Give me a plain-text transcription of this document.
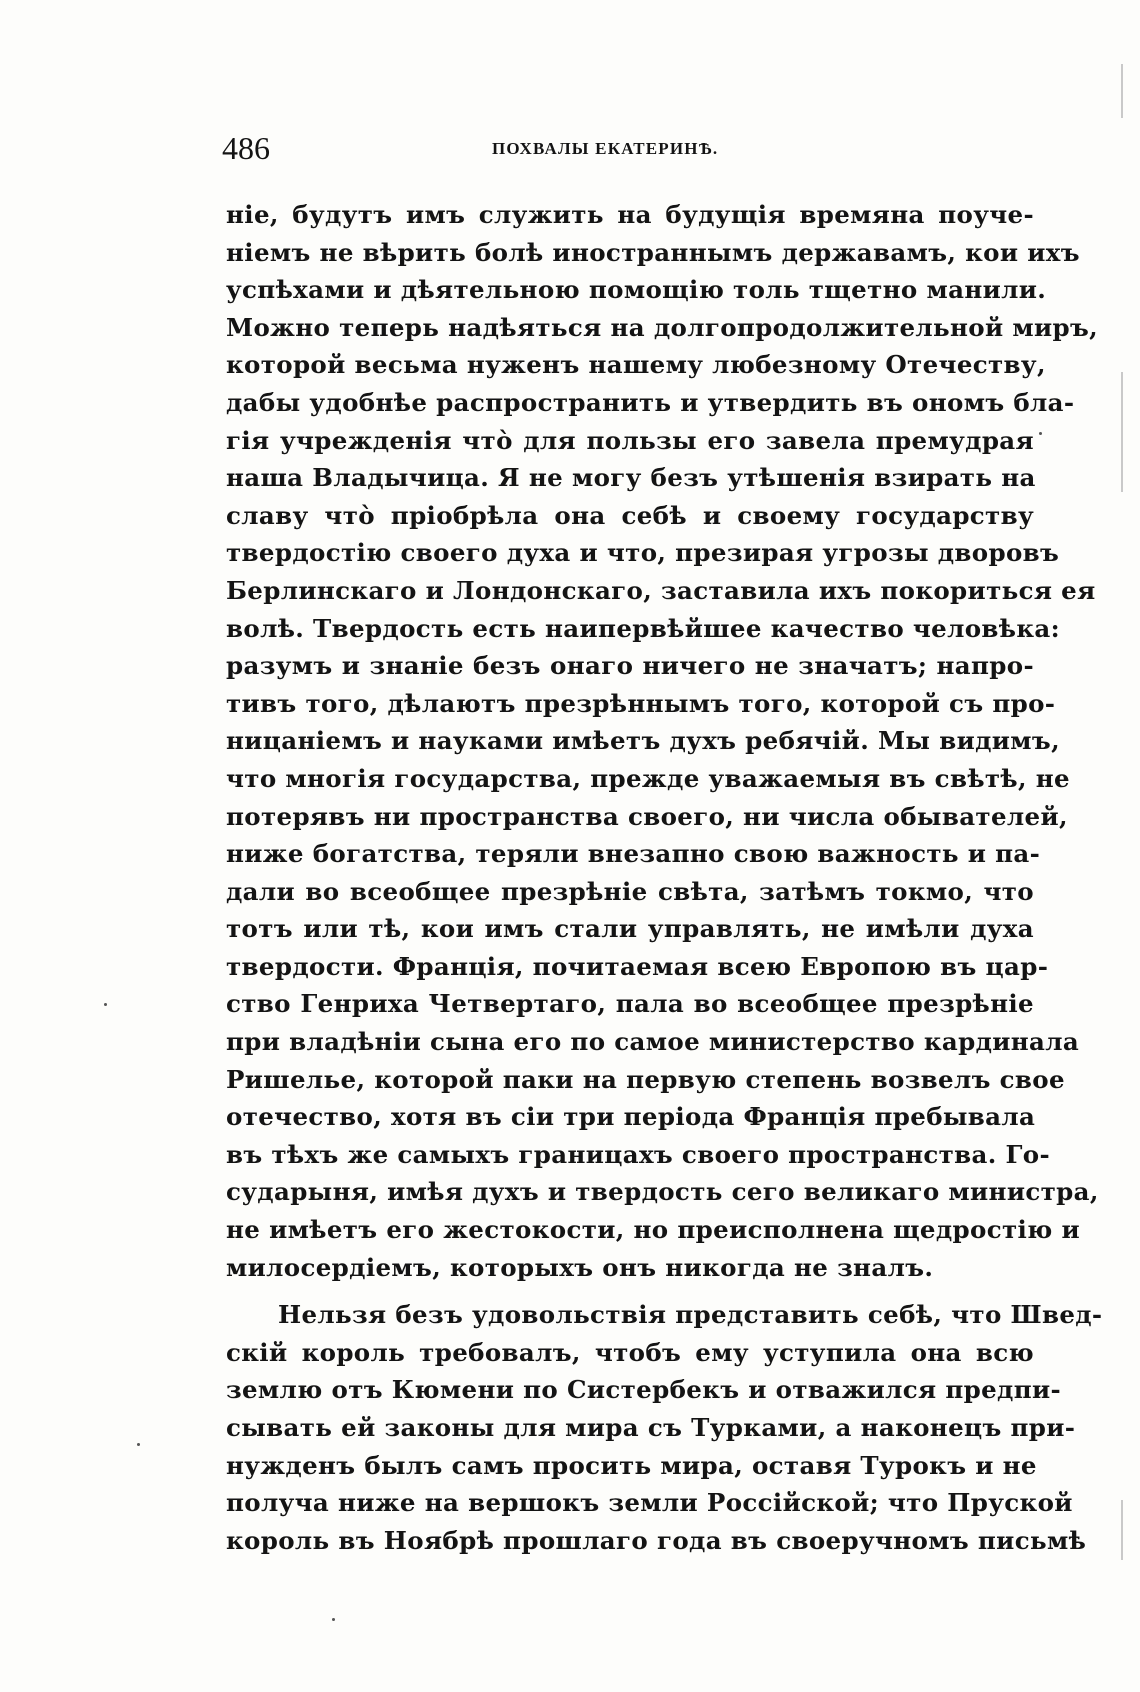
486	ПОХВАЛЫ ЕКАТЕРИНѢ.
ніе, будутъ имъ служить на будущія времяна поуче-
ніемъ не вѣрить болѣ иностраннымъ державамъ, кои ихъ
успѣхами и дѣятельною помощію толь тщетно манили.
Можно теперь надѣяться на долгопродолжительной миръ,
которой весьма нуженъ нашему любезному Отечеству,
дабы удобнѣе распространить и утвердить въ ономъ бла-
гія учрежденія что̀ для пользы его завела премудрая
наша Владычица. Я не могу безъ утѣшенія взирать на
славу что̀ пріобрѣла она себѣ и своему государству
твердостію своего духа и что, презирая угрозы дворовъ
Берлинскаго и Лондонскаго, заставила ихъ покориться ея
волѣ. Твердость есть наипервѣйшее качество человѣка:
разумъ и знаніе безъ онаго ничего не значатъ; напро-
тивъ того, дѣлаютъ презрѣннымъ того, которой съ про-
ницаніемъ и науками имѣетъ духъ ребячій. Мы видимъ,
что многія государства, прежде уважаемыя въ свѣтѣ, не
потерявъ ни пространства своего, ни числа обывателей,
ниже богатства, теряли внезапно свою важность и па-
дали во всеобщее презрѣніе свѣта, затѣмъ токмо, что
тотъ или тѣ, кои имъ стали управлять, не имѣли духа
твердости. Франція, почитаемая всею Европою въ цар-
ство Генриха Четвертаго, пала во всеобщее презрѣніе
при владѣніи сына его по самое министерство кардинала
Ришелье, которой паки на первую степень возвелъ свое
отечество, хотя въ сіи три періода Франція пребывала
въ тѣхъ же самыхъ границахъ своего пространства. Го-
сударыня, имѣя духъ и твердость сего великаго министра,
не имѣетъ его жестокости, но преисполнена щедростію и
милосердіемъ, которыхъ онъ никогда не зналъ.
Нельзя безъ удовольствія представить себѣ, что Швед-
скій король требовалъ, чтобъ ему уступила она всю
землю отъ Кюмени по Систербекъ и отважился предпи-
сывать ей законы для мира съ Турками, а наконецъ при-
нужденъ былъ самъ просить мира, оставя Турокъ и не
получа ниже на вершокъ земли Россійской; что Пруской
король въ Ноябрѣ прошлаго года въ своеручномъ письмѣ
